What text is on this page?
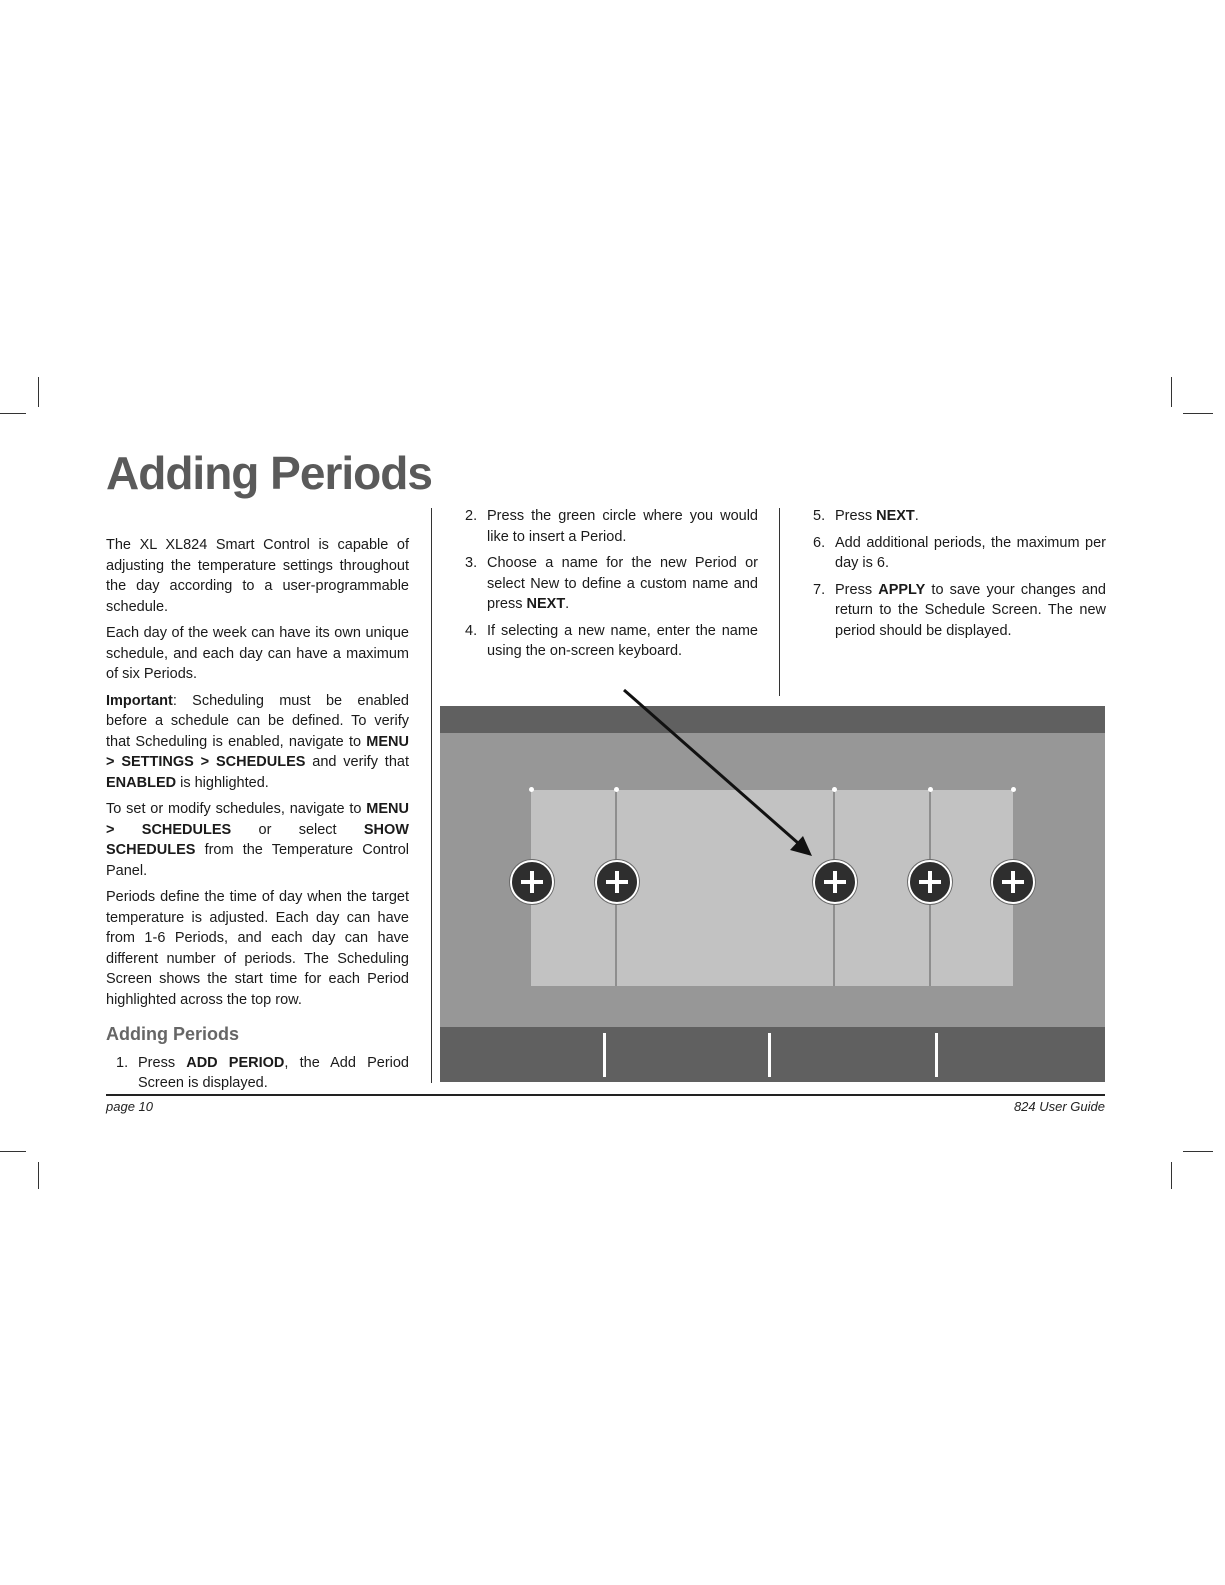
Adding Periods

The XL XL824 Smart Control is capable of adjusting the temperature settings throughout the day according to a user-programmable schedule.

Each day of the week can have its own unique schedule, and each day can have a maximum of six Periods.

Important: Scheduling must be enabled before a schedule can be defined. To verify that Scheduling is enabled, navigate to MENU > SETTINGS > SCHEDULES and verify that ENABLED is highlighted.

To set or modify schedules, navigate to MENU > SCHEDULES or select SHOW SCHEDULES from the Temperature Control Panel.

Periods define the time of day when the target temperature is adjusted. Each day can have from 1-6 Periods, and each day can have different number of periods. The Scheduling Screen shows the start time for each Period highlighted across the top row.

Adding Periods
1. Press ADD PERIOD, the Add Period Screen is displayed.
2. Press the green circle where you would like to insert a Period.
3. Choose a name for the new Period or select New to define a custom name and press NEXT.
4. If selecting a new name, enter the name using the on-screen keyboard.
5. Press NEXT.
6. Add additional periods, the maximum per day is 6.
7. Press APPLY to save your changes and return to the Schedule Screen. The new period should be displayed.
page 10	824 User Guide
